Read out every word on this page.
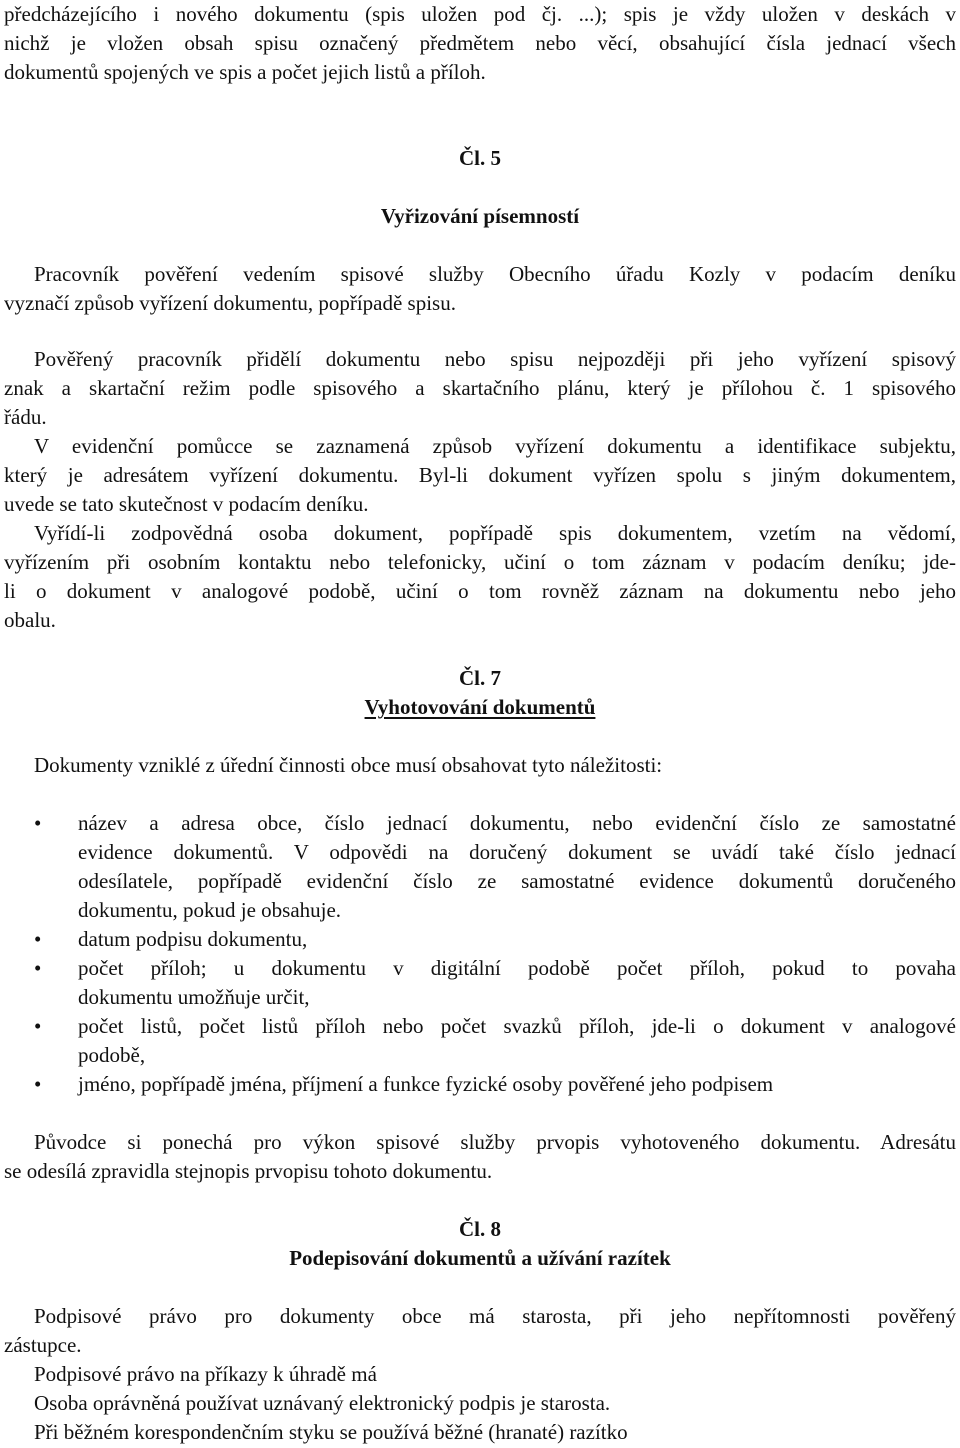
předcházejícího i nového dokumentu (spis uložen pod čj. ...); spis je vždy uložen v deskách v
nichž je vložen obsah spisu označený předmětem nebo věcí, obsahující čísla jednací všech
dokumentů spojených ve spis a počet jejich listů a příloh.
Čl. 5
Vyřizování písemností
Pracovník pověření vedením spisové služby Obecního úřadu Kozly v podacím deníku
vyznačí způsob vyřízení dokumentu, popřípadě spisu.
Pověřený pracovník přidělí dokumentu nebo spisu nejpozději při jeho vyřízení spisový
znak a skartační režim podle spisového a skartačního plánu, který je přílohou č. 1 spisového
řádu.
V evidenční pomůcce se zaznamená způsob vyřízení dokumentu a identifikace subjektu,
který je adresátem vyřízení dokumentu. Byl-li dokument vyřízen spolu s jiným dokumentem,
uvede se tato skutečnost v podacím deníku.
Vyřídí-li zodpovědná osoba dokument, popřípadě spis dokumentem, vzetím na vědomí,
vyřízením při osobním kontaktu nebo telefonicky, učiní o tom záznam v podacím deníku; jde-
li o dokument v analogové podobě, učiní o tom rovněž záznam na dokumentu nebo jeho
obalu.
Čl. 7
Vyhotovování dokumentů
Dokumenty vzniklé z úřední činnosti obce musí obsahovat tyto náležitosti:
• název a adresa obce, číslo jednací dokumentu, nebo evidenční číslo ze samostatné
evidence dokumentů. V odpovědi na doručený dokument se uvádí také číslo jednací
odesílatele, popřípadě evidenční číslo ze samostatné evidence dokumentů doručeného
dokumentu, pokud je obsahuje.
• datum podpisu dokumentu,
• počet příloh; u dokumentu v digitální podobě počet příloh, pokud to povaha
dokumentu umožňuje určit,
• počet listů, počet listů příloh nebo počet svazků příloh, jde-li o dokument v analogové
podobě,
• jméno, popřípadě jména, příjmení a funkce fyzické osoby pověřené jeho podpisem
Původce si ponechá pro výkon spisové služby prvopis vyhotoveného dokumentu. Adresátu
se odesílá zpravidla stejnopis prvopisu tohoto dokumentu.
Čl. 8
Podepisování dokumentů a užívání razítek
Podpisové právo pro dokumenty obce má starosta, při jeho nepřítomnosti pověřený
zástupce.
Podpisové právo na příkazy k úhradě má
Osoba oprávněná používat uznávaný elektronický podpis je starosta.
Při běžném korespondenčním styku se používá běžné (hranaté) razítko
